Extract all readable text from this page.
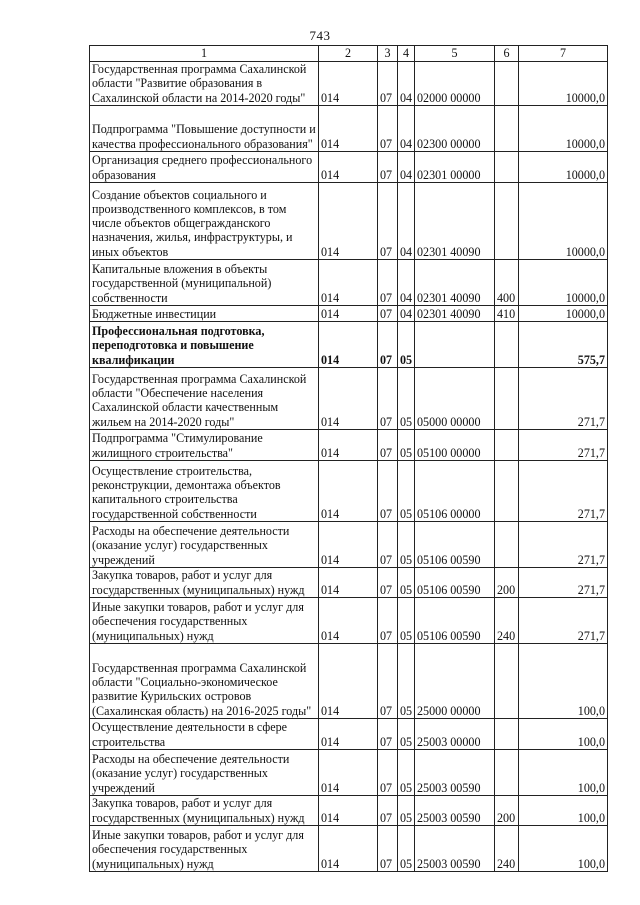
743
1	2	3	4	5	6	7
Государственная программа Сахалинской области "Развитие образования в Сахалинской области на 2014-2020 годы"	014	07	04	02000 00000		10000,0
Подпрограмма "Повышение доступности и качества профессионального образования"	014	07	04	02300 00000		10000,0
Организация среднего профессионального образования	014	07	04	02301 00000		10000,0
Создание объектов социального и производственного комплексов, в том числе объектов общегражданского назначения, жилья, инфраструктуры, и иных объектов	014	07	04	02301 40090		10000,0
Капитальные вложения в объекты государственной (муниципальной) собственности	014	07	04	02301 40090	400	10000,0
Бюджетные инвестиции	014	07	04	02301 40090	410	10000,0
Профессиональная подготовка, переподготовка и повышение квалификации	014	07	05			575,7
Государственная программа Сахалинской области "Обеспечение населения Сахалинской области качественным жильем на 2014-2020 годы"	014	07	05	05000 00000		271,7
Подпрограмма "Стимулирование жилищного строительства"	014	07	05	05100 00000		271,7
Осуществление строительства, реконструкции, демонтажа объектов капитального строительства государственной собственности	014	07	05	05106 00000		271,7
Расходы на обеспечение деятельности (оказание услуг) государственных учреждений	014	07	05	05106 00590		271,7
Закупка товаров, работ и услуг для государственных (муниципальных) нужд	014	07	05	05106 00590	200	271,7
Иные закупки товаров, работ и услуг для обеспечения государственных (муниципальных) нужд	014	07	05	05106 00590	240	271,7
Государственная программа Сахалинской области "Социально-экономическое развитие Курильских островов (Сахалинская область) на 2016-2025 годы"	014	07	05	25000 00000		100,0
Осуществление деятельности в сфере строительства	014	07	05	25003 00000		100,0
Расходы на обеспечение деятельности (оказание услуг) государственных учреждений	014	07	05	25003 00590		100,0
Закупка товаров, работ и услуг для государственных (муниципальных) нужд	014	07	05	25003 00590	200	100,0
Иные закупки товаров, работ и услуг для обеспечения государственных (муниципальных) нужд	014	07	05	25003 00590	240	100,0
